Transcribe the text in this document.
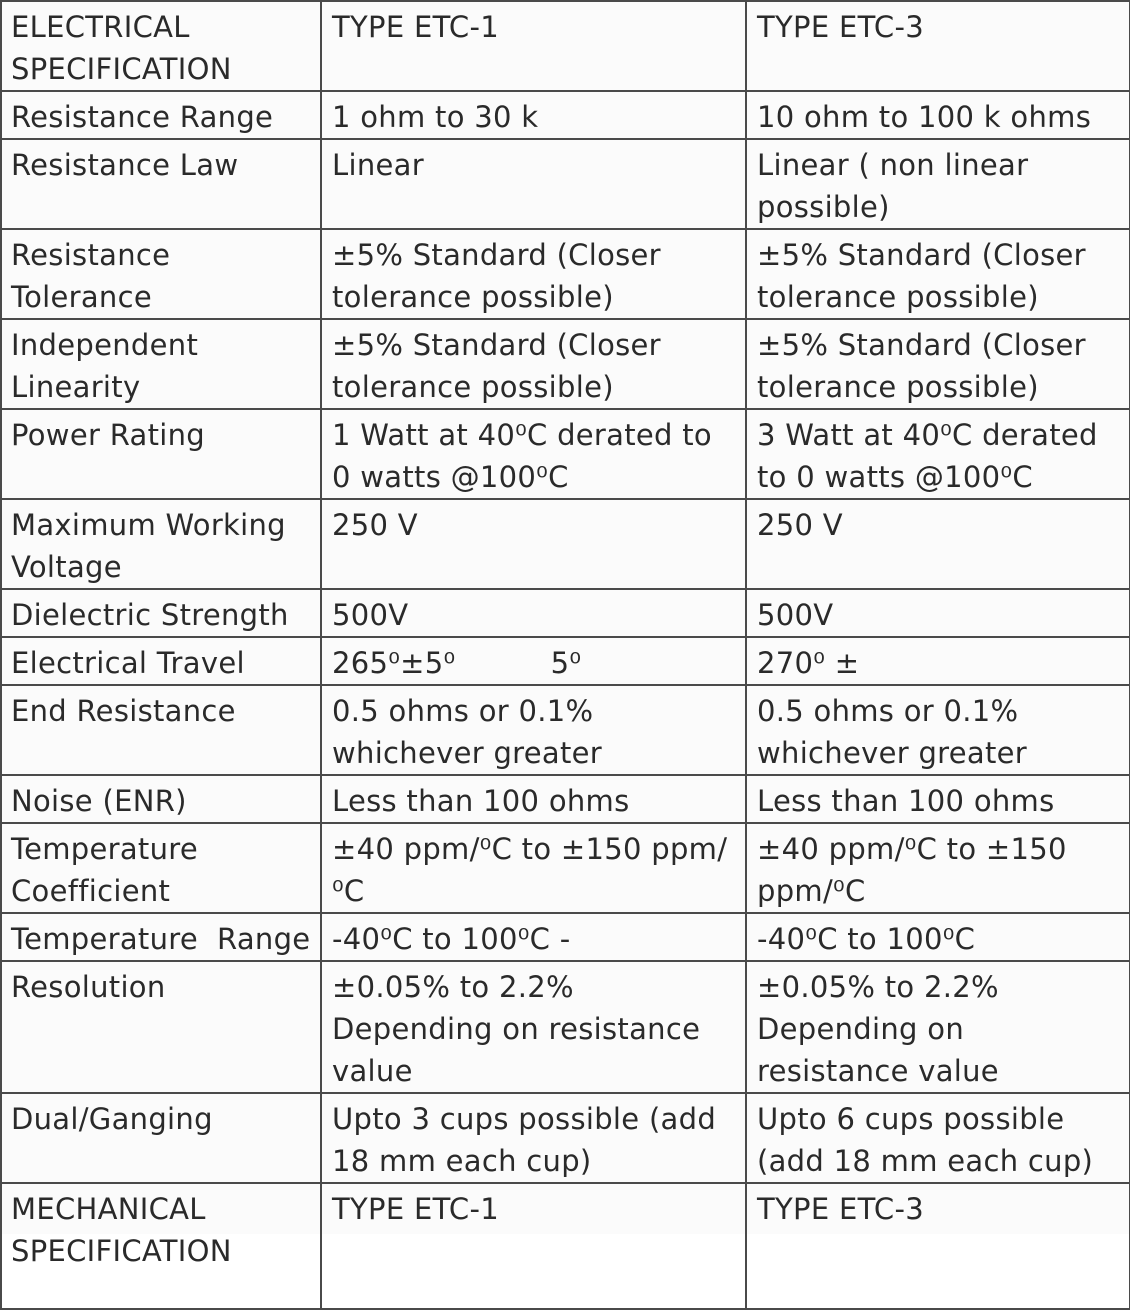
ELECTRICAL SPECIFICATION	TYPE ETC-1	TYPE ETC-3
Resistance Range	1 ohm to 30 k	10 ohm to 100 k ohms
Resistance Law	Linear	Linear ( non linear possible)
Resistance Tolerance	±5% Standard (Closer tolerance possible)	±5% Standard (Closer tolerance possible)
Independent Linearity	±5% Standard (Closer tolerance possible)	±5% Standard (Closer tolerance possible)
Power Rating	1 Watt at 40⁰C derated to 0 watts @100⁰C	3 Watt at 40⁰C derated to 0 watts @100⁰C
Maximum Working Voltage	250 V	250 V
Dielectric Strength	500V	500V
Electrical Travel	265⁰±5⁰          5⁰	270⁰ ±
End Resistance	0.5 ohms or 0.1% whichever greater	0.5 ohms or 0.1% whichever greater
Noise (ENR)	Less than 100 ohms	Less than 100 ohms
Temperature Coefficient	±40 ppm/⁰C to ±150 ppm/⁰C	±40 ppm/⁰C to ±150 ppm/⁰C
Temperature  Range	-40⁰C to 100⁰C -	-40⁰C to 100⁰C
Resolution	±0.05% to 2.2% Depending on resistance value	±0.05% to 2.2% Depending on resistance value
Dual/Ganging	Upto 3 cups possible (add 18 mm each cup)	Upto 6 cups possible (add 18 mm each cup)
MECHANICAL SPECIFICATION	TYPE ETC-1	TYPE ETC-3
